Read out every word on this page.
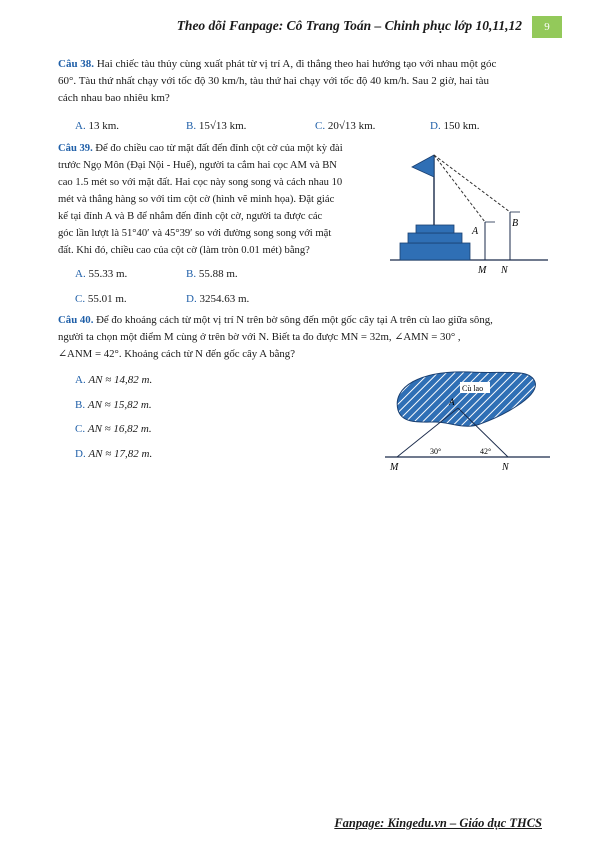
Theo dõi Fanpage: Cô Trang Toán – Chinh phục lớp 10,11,12	9
Câu 38. Hai chiếc tàu thủy cùng xuất phát từ vị trí A, đi thẳng theo hai hướng tạo với nhau một góc
60°. Tàu thứ nhất chạy với tốc độ 30 km/h, tàu thứ hai chạy với tốc độ 40 km/h. Sau 2 giờ, hai tàu
cách nhau bao nhiêu km?
A. 13 km.	B. 15√13 km.	C. 20√13 km.	D. 150 km.
Câu 39. Để đo chiều cao từ mặt đất đến đỉnh cột cờ của một kỳ đài
trước Ngọ Môn (Đại Nội - Huế), người ta cắm hai cọc AM và BN
cao 1.5 mét so với mặt đất. Hai cọc này song song và cách nhau 10
mét và thẳng hàng so với tim cột cờ (hình vẽ minh họa). Đặt giác
kế tại đỉnh A và B để nhắm đến đỉnh cột cờ, người ta được các
góc lần lượt là 51°40′ và 45°39′ so với đường song song với mặt
đất. Khi đó, chiều cao của cột cờ (làm tròn 0.01 mét) bằng?
A. 55.33 m.	B. 55.88 m.
C. 55.01 m.	D. 3254.63 m.
A
B
M N
Câu 40. Để đo khoảng cách từ một vị trí N trên bờ sông đến một gốc cây tại A trên cù lao giữa sông,
người ta chọn một điểm M cùng ở trên bờ với N. Biết ta đo được MN = 32m, ∠AMN = 30° ,
∠ANM = 42°. Khoảng cách từ N đến gốc cây A bằng?
A. AN ≈ 14,82 m.
B. AN ≈ 15,82 m.
C. AN ≈ 16,82 m.
D. AN ≈ 17,82 m.
Cù lao
A
30°	42°
M	N
Fanpage: Kingedu.vn – Giáo dục THCS
